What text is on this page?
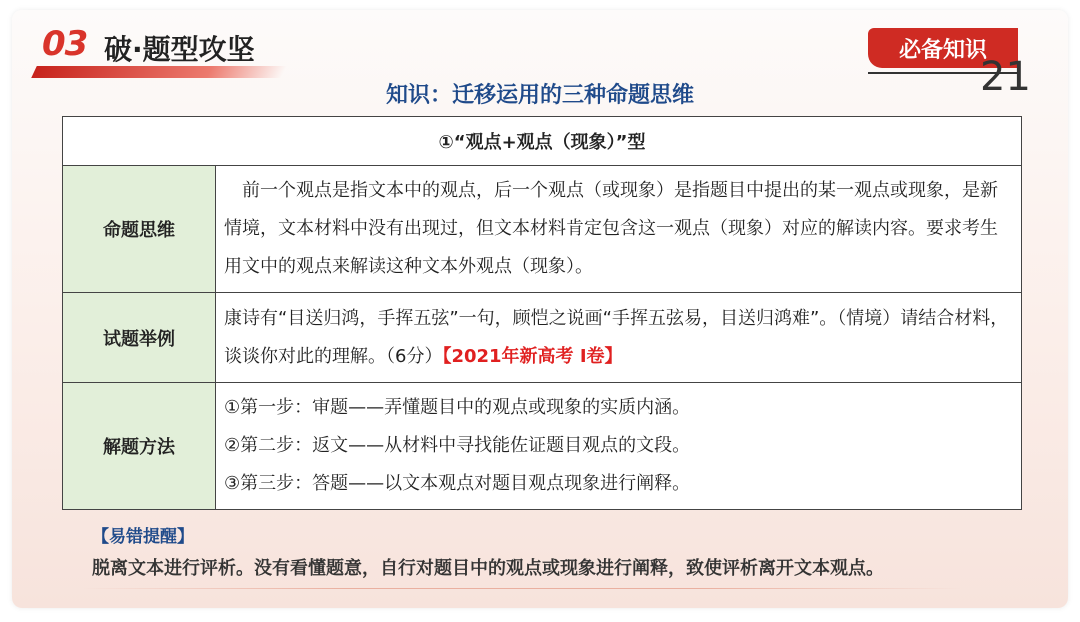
03 破·题型攻坚	必备知识
21
知识：迁移运用的三种命题思维
①“观点+观点（现象）”型	
命题思维	前一个观点是指文本中的观点，后一个观点（或现象）是指题目中提出的某一观点或现象，是新情境，文本材料中没有出现过，但文本材料肯定包含这一观点（现象）对应的解读内容。要求考生用文中的观点来解读这种文本外观点（现象）。
试题举例	康诗有“目送归鸿，手挥五弦”一句，顾恺之说画“手挥五弦易，目送归鸿难”。（情境）请结合材料，谈谈你对此的理解。（6分）【2021年新高考 Ⅰ卷】
解题方法	①第一步：审题——弄懂题目中的观点或现象的实质内涵。
②第二步：返文——从材料中寻找能佐证题目观点的文段。
③第三步：答题——以文本观点对题目观点现象进行阐释。
【易错提醒】
脱离文本进行评析。没有看懂题意，自行对题目中的观点或现象进行阐释，致使评析离开文本观点。
